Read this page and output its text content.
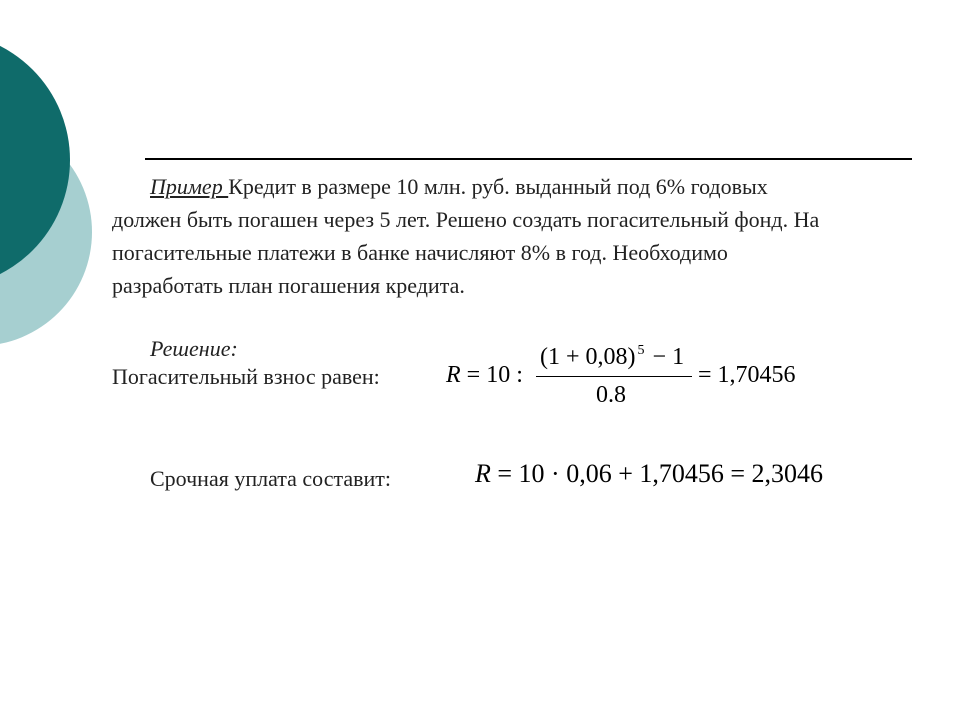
Пример Кредит в размере 10 млн. руб. выданный под 6% годовых должен быть погашен через 5 лет. Решено создать погасительный фонд. На погасительные платежи в банке начисляют 8% в год. Необходимо разработать план погашения кредита.

Решение:
Погасительный взнос равен:	R = 10 :
(1 + 0,08) $^5$ − 1
0.8
= 1,70456
Срочная уплата составит:	R = 10 · 0,06 + 1,70456 = 2,3046
